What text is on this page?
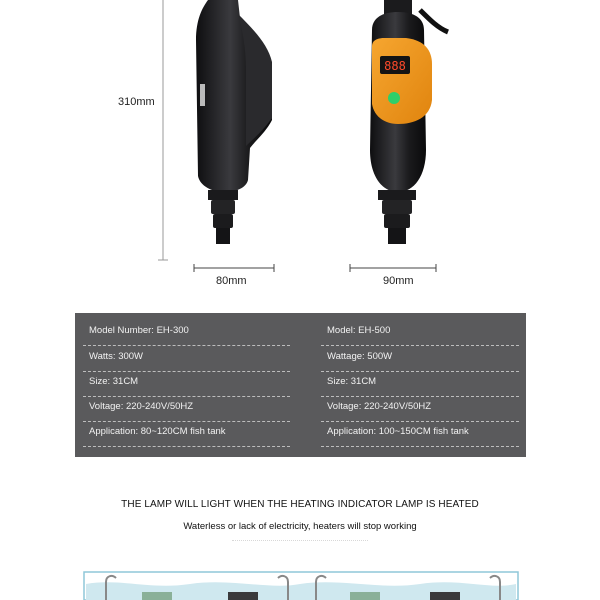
888
310mm
80mm	90mm
Model Number: EH-300	Model: EH-500
Watts: 300W	Wattage: 500W
Size: 31CM	Size: 31CM
Voltage: 220-240V/50HZ	Voltage: 220-240V/50HZ
Application: 80~120CM fish tank	Application: 100~150CM fish tank
THE LAMP WILL LIGHT WHEN THE HEATING INDICATOR LAMP IS HEATED
Waterless or lack of electricity, heaters will stop working
